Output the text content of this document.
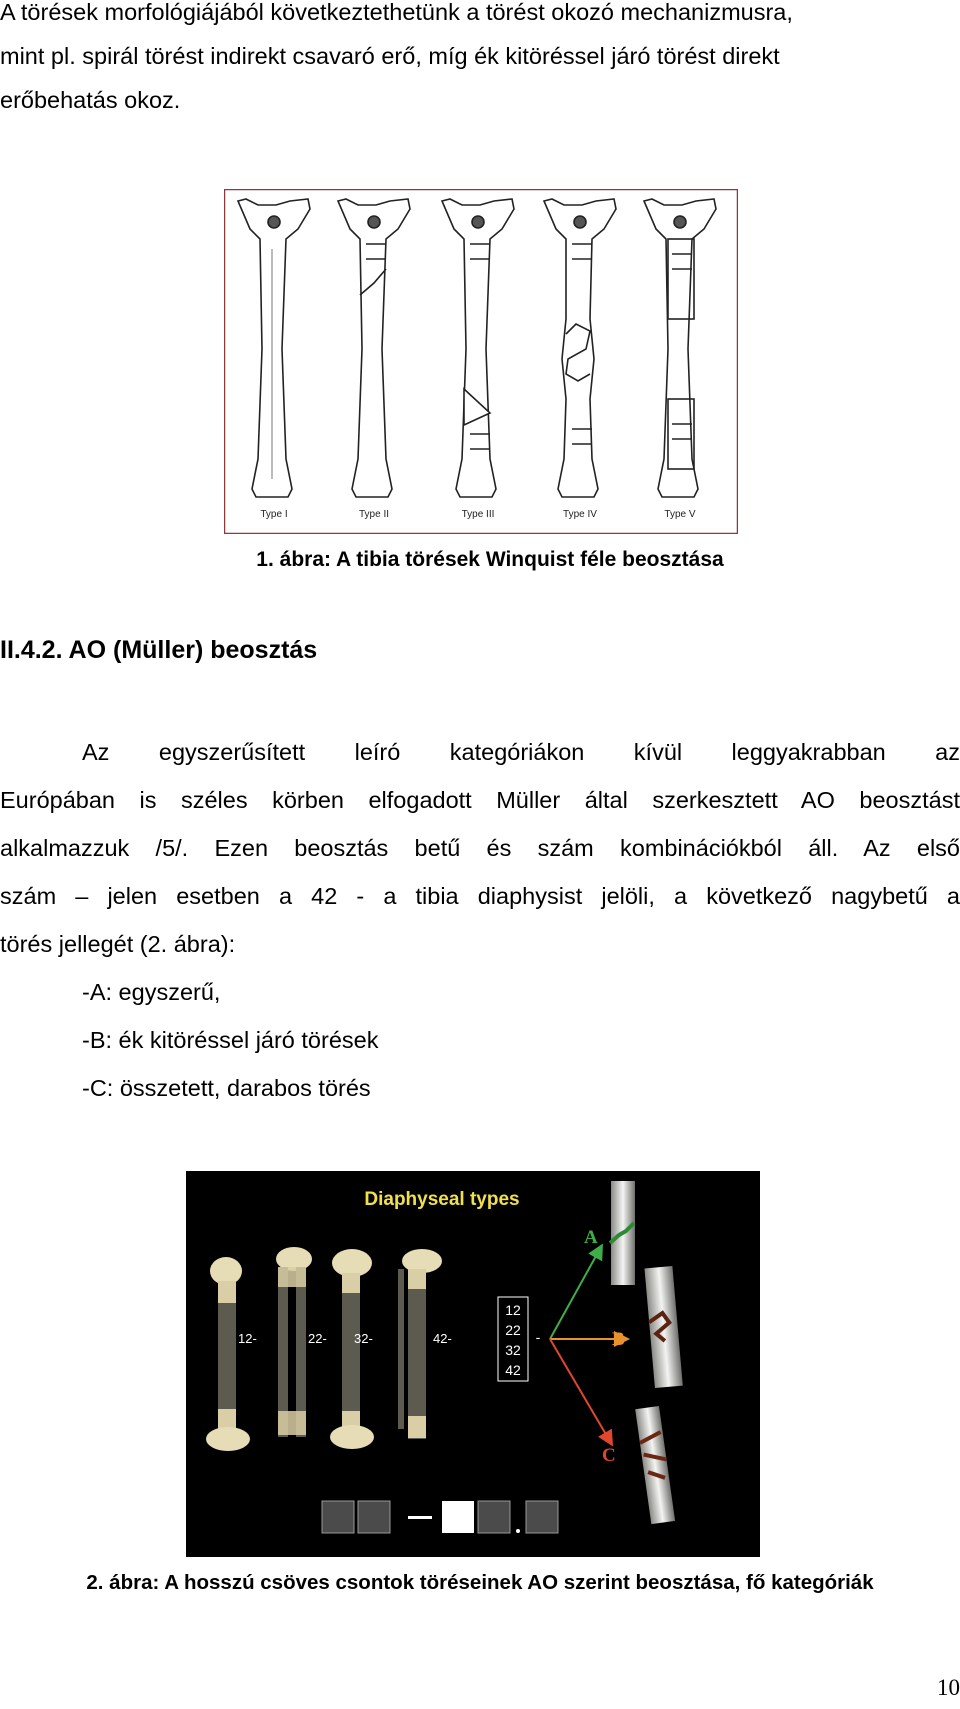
A törések morfológiájából következtethetünk a törést okozó mechanizmusra,
mint pl. spirál törést indirekt csavaró erő, míg ék kitöréssel járó törést direkt
erőbehatás okoz.
Type I	Type II	Type III	Type IV	Type V

1. ábra: A tibia törések Winquist féle beosztása

II.4.2. AO (Müller) beosztás
Az egyszerűsített leíró kategóriákon kívül leggyakrabban az
Európában is széles körben elfogadott Müller által szerkesztett AO beosztást
alkalmazzuk /5/. Ezen beosztás betű és szám kombinációkból áll. Az első
szám – jelen esetben a 42 - a tibia diaphysist jelöli, a következő nagybetű a
törés jellegét (2. ábra):
-A: egyszerű,
-B: ék kitöréssel járó törések
-C: összetett, darabos törés
Diaphyseal types
12-	22- 32-	42-
12
22
32
42
-
A
B
C

2. ábra: A hosszú csöves csontok töréseinek AO szerint beosztása, fő kategóriák

10
